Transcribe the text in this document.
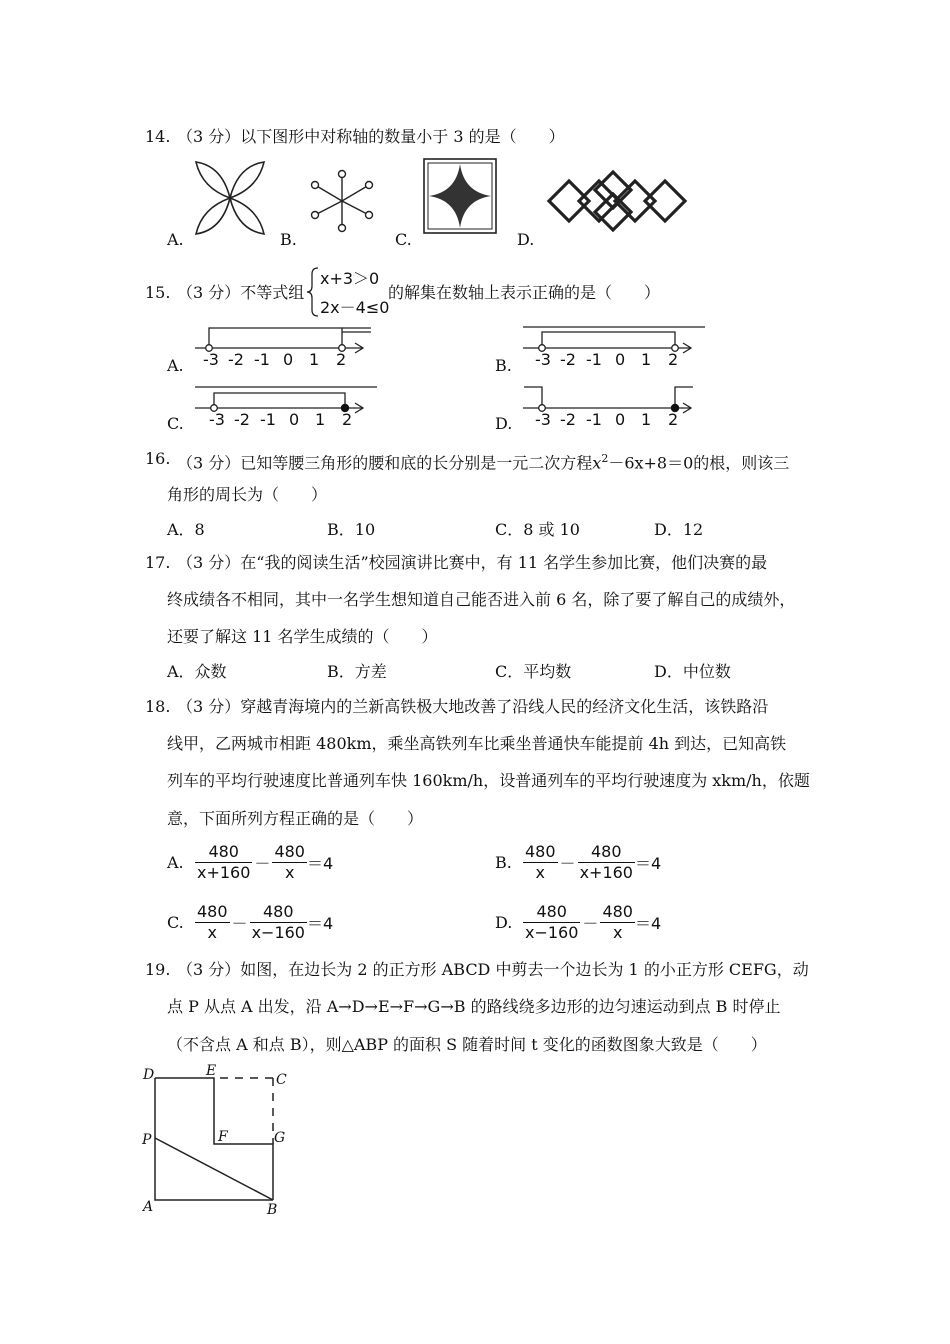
14. （3 分）以下图形中对称轴的数量小于 3 的是（　　）
A.	B.	C.	D.
15. （3 分）不等式组
x+3＞0
2x－4≤0
的解集在数轴上表示正确的是（　　）
A. -3 -2 -1 0 1 2	B. -3 -2 -1 0 1 2
C. -3 -2 -1 0 1 2	D. -3 -2 -1 0 1 2
16. （3 分）已知等腰三角形的腰和底的长分别是一元二次方程$x^2-6x+8=0$的根，则该三
角形的周长为（　　）
A．8	B．10	C．8 或 10	D．12
17. （3 分）在“我的阅读生活”校园演讲比赛中，有 11 名学生参加比赛，他们决赛的最
终成绩各不相同，其中一名学生想知道自己能否进入前 6 名，除了要了解自己的成绩外，
还要了解这 11 名学生成绩的（　　）
A．众数	B．方差	C．平均数	D．中位数
18. （3 分）穿越青海境内的兰新高铁极大地改善了沿线人民的经济文化生活，该铁路沿
线甲，乙两城市相距 480km，乘坐高铁列车比乘坐普通快车能提前 4h 到达，已知高铁
列车的平均行驶速度比普通列车快 160km/h，设普通列车的平均行驶速度为 xkm/h，依题
意，下面所列方程正确的是（　　）
A. $\frac{480}{x+160} - \frac{480}{x} =4$	B. $\frac{480}{x} - \frac{480}{x+160} =4$
C. $\frac{480}{x} - \frac{480}{x-160} =4$	D. $\frac{480}{x-160} - \frac{480}{x} =4$
19. （3 分）如图，在边长为 2 的正方形 ABCD 中剪去一个边长为 1 的小正方形 CEFG，动
点 P 从点 A 出发，沿 A→D→E→F→G→B 的路线绕多边形的边匀速运动到点 B 时停止
（不含点 A 和点 B），则△ABP 的面积 S 随着时间 t 变化的函数图象大致是（　　）
D	E
C
P	F	G
A	B
